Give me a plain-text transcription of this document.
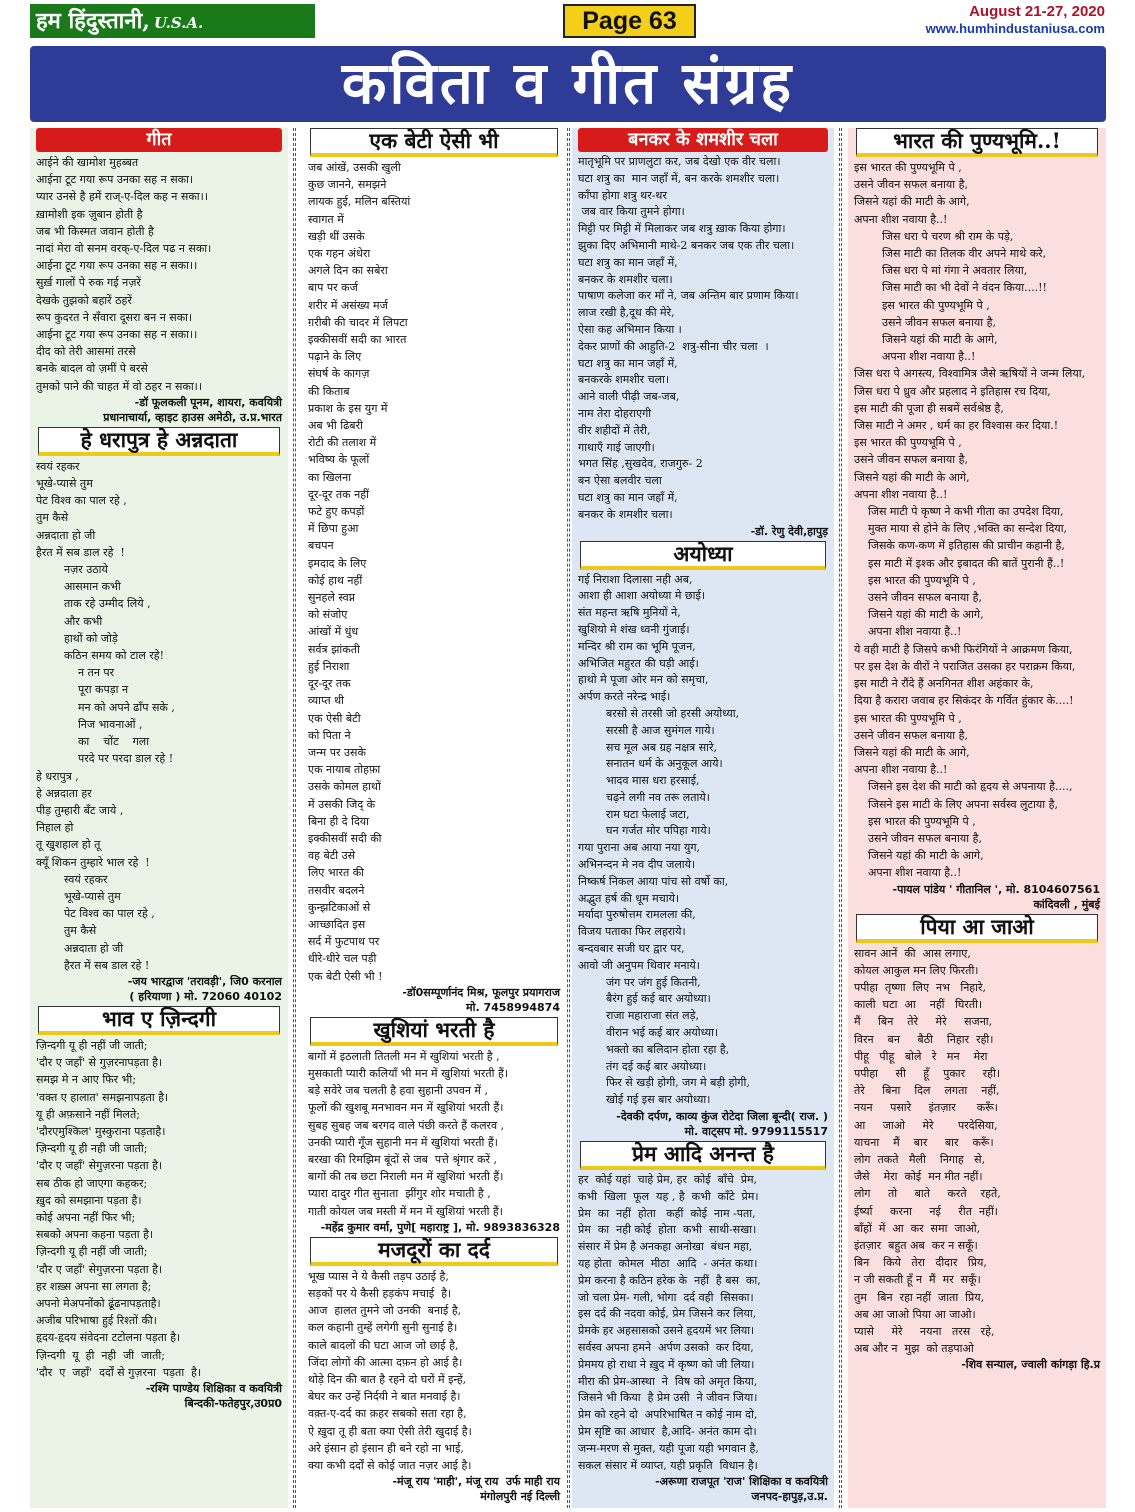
हम हिंदुस्तानी, U.S.A.	Page 63	August 21-27, 2020
www.humhindustaniusa.com
कविता व गीत संग्रह
गीत
आईने की खामोश मुहब्बत
आईना टूट गया रूप उनका सह न सका।
प्यार उनसे है हमें राज्-ए-दिल कह न सका।।
ख़ामोशी इक ज़ुबान होती है
जब भी किस्मत जवान होती है
नादां मेरा वो सनम वरक्-ए-दिल पढ न सका।
आईना टूट गया रूप उनका सह न सका।।
सुर्ख़ गालों पे रुक गई नज़रें
देखके तुझको बहारें ठहरें
रूप कुदरत ने सँवारा दूसरा बन न सका।
आईना टूट गया रूप उनका सह न सका।।
दीद को तेरी आसमां तरसे
बनके बादल वो ज़मीं पे बरसे
तुमको पाने की चाहत में वो ठहर न सका।।
-डॉ फूलकली पूनम, शायरा, कवयित्री
प्रधानाचार्या, व्हाइट हाउस अमेठी, उ.प्र.भारत
हे धरापुत्र हे अन्नदाता
स्वयं रहकर
भूखे-प्यासे तुम
पेट विश्व का पाल रहे ,
तुम कैसे
अन्नदाता हो जी
हैरत में सब डाल रहे  !
नज़र उठाये
आसमान कभी
ताक रहे उम्मीद लिये ,
और कभी
हाथों को जोड़े
कठिन समय को टाल रहे!
न तन पर
पूरा कपड़ा न
मन को अपने ढाँप सके ,
निज भावनाओं ,
का    चोंट    गला
परदे पर परदा डाल रहे !
हे धरापुत्र ,
हे अन्नदाता हर
पीड़ तुम्हारी बँट जाये ,
निहाल हो
तू खुशहाल हो तू
क्यूँ शिकन तुम्हारे भाल रहे  !
स्वयं रहकर
भूखे-प्यासे तुम
पेट विश्व का पाल रहे ,
तुम कैसे
अन्नदाता हो जी
हैरत में सब डाल रहे !
-जय भारद्वाज 'तरावड़ी', जि0 करनाल
( हरियाणा ) मो. 72060 40102
भाव ए ज़िन्दगी
ज़िन्दगी यू ही नहीं जी जाती;
'दौर ए जहाँ' से गुज़रनापड़ता है।
समझ मे न आए फिर भी;
'वक्त ए हालात' समझनापड़ता है।
यू ही अफ़साने नहीं मिलते;
'दौरएमुश्किल' मुस्कुराना पड़ताहै।
ज़िन्दगी यू ही नही जी जाती;
'दौर ए जहाँ' सेगुज़रना पड़ता है।
सब ठीक हो जाएगा कहकर;
ख़ुद को समझाना पड़ता है।
कोई अपना नहीं फिर भी;
सबको अपना कहना पड़ता है।
ज़िन्दगी यू ही नहीं जी जाती;
'दौर ए जहाँ' सेगुज़रना पड़ता है।
हर शख़्स अपना सा लगता है;
अपनो मेअपनोंको ढूंढनापड़ताहै।
अजीब परिभाषा हुई रिश्तों की।
हृदय-हृदय संवेदना टटोलना पड़ता है।
ज़िन्दगी  यू  ही  नही  जी  जाती;
'दौर  ए  जहाँ'  दर्दों से गुज़रना  पड़ता  है।
-रश्मि पाण्डेय शिक्षिका व कवयित्री
बिन्दकी-फतेहपुर,उ0प्र0
एक बेटी ऐसी भी
जब आंखें, उसकी खुली
कुछ जानने, समझने
लायक हुई, मलिन बस्तियां
स्वागत में
खड़ी थीं उसके
एक गहन अंधेरा
अगले दिन का सबेरा
बाप पर कर्ज
शरीर में असंख्य मर्ज
ग़रीबी की चादर में लिपटा
इक्कीसवीं सदी का भारत
पढ़ाने के लिए
संघर्ष के कागज़
की किताब
प्रकाश के इस युग में
अब भी ढिबरी
रोटी की तलाश में
भविष्य के फूलों
का खिलना
दूर-दूर तक नहीं
फटे हुए कपड़ों
में छिपा हुआ
बचपन
इमदाद के लिए
कोई हाथ नहीं
सुनहले स्वप्न
को संजोए
आंखों में धुंध
सर्वत्र झांकती
हुई निराशा
दूर-दूर तक
व्याप्त थी
एक ऐसी बेटी
को पिता ने
जन्म पर उसके
एक नायाब तोहफ़ा
उसके कोमल हाथों
में उसकी जिद् के
बिना ही दे दिया
इक्कीसवीं सदी की
वह बेटी उसे
लिए भारत की
तसवीर बदलने
कुन्झटिकाओं से
आच्छादित इस
सर्द में फुटपाथ पर
धीरे-धीरे चल पड़ी
एक बेटी ऐसी भी !
-डॉ0सम्पूर्णानंद मिश्र, फूलपुर प्रयागराज
मो. 7458994874
खुशियां भरती है
बागों में इठलाती तितली मन में खुशियां भरती है ,
मुसकाती प्यारी कलियाँ भी मन में खुशियां भरती हैं।
बड़े सवेरे जब चलती है हवा सुहानी उपवन में ,
फूलों की खुशबू मनभावन मन में खुशियां भरती हैं।
सुबह सुबह जब बरगद वाले पंछी करते हैं कलरव ,
उनकी प्यारी गूँज सुहानी मन में खुशियां भरती हैं।
बरखा की रिमझिम बूंदों से जब  पत्ते श्रृंगार करें ,
बागों की तब छटा निराली मन में खुशियां भरती हैं।
प्यारा दादुर गीत सुनाता  झींगुर शोर मचाती है ,
गाती कोयल जब मस्ती में मन में खुशियां भरती हैं।
-महेंद्र कुमार वर्मा, पुणे[ महाराष्ट्र ], मो. 9893836328
मजदूरों का दर्द
भूख प्यास ने ये कैसी तड़प उठाई है,
सड़कों पर ये कैसी हड़कंप मचाई  है।
आज  हालत तुमने जो उनकी  बनाई है,
कल कहानी तुम्हें लगेगी सुनी सुनाई है।
काले बादलों की घटा आज जो छाई है,
जिंदा लोगों की आत्मा दफ़न हो आई है।
थोड़े दिन की बात है रहने दो घरों में इन्हें,
बेघर कर उन्हें निर्दयी ने बात मनवाई है।
वक़्त-ए-दर्द का क़हर सबको सता रहा है,
ऐ ख़ुदा तू ही बता क्या ऐसी तेरी खुदाई है।
अरे इंसान हो इंसान ही बने रहो ना भाई,
क्या कभी दर्दों से कोई जात नज़र आई है।
-मंजू राय 'माही', मंजू राय  उर्फ माही राय
मंगोलपुरी नई दिल्ली
बनकर के शमशीर चला
मातृभूमि पर प्राणलुटा कर, जब देखो एक वीर चला।
घटा शत्रु का  मान जहाँ में, बन करके शमशीर चला।
काँपा होगा शत्रु थर-थर
जब वार किया तुमने होगा।
मिट्टी पर मिट्टी में मिलाकर जब शत्रु ख़ाक किया होगा।
झुका दिए अभिमानी माथे-2 बनकर जब एक तीर चला।
घटा शत्रु का मान जहाँ में,
बनकर के शमशीर चला।
पाषाण कलेजा कर माँ ने, जब अन्तिम बार प्रणाम किया।
लाज रखी है,दूध की मेरे,
ऐसा कह अभिमान किया ।
देकर प्राणों की आहुति-2  शत्रु-सीना चीर चला  ।
घटा शत्रु का मान जहाँ में,
बनकरके शमशीर चला।
आने वाली पीढ़ी जब-जब,
नाम तेरा दोहराएगी
वीर शहीदों में तेरी,
गाथाएँ गाई जाएगी।
भगत सिंह ,सुखदेव, राजगुरु- 2
बन ऐसा बलवीर चला
घटा शत्रु का मान जहाँ में,
बनकर के शमशीर चला।
-डॉ. रेणु देवी,हापुड़
अयोध्या
गई निराशा दिलासा नही अब,
आशा ही आशा अयोध्या मे छाई।
संत महन्त ऋषि मुनियों ने,
खुशियो मे शंख ध्वनी गुंजाई।
मन्दिर श्री राम का भूमि पूजन,
अभिजित महुरत की घड़ी आई।
हाथो मे पूजा ओर मन को समृचा,
अर्पण करते नरेन्द्र भाई।
बरसो से तरसी जो हरसी अयोध्या,
सरसी है आज सुमंगल गाये।
सच मूल अब ग्रह नक्षत्र सारे,
सनातन धर्म के अनुकूल आये।
भादव मास धरा हरसाई,
चढ़ने लगी नव तरू लताये।
राम घटा फेलाई जटा,
घन गर्जत मोर पपिहा गाये।
गया पुराना अब आया नया युग,
अभिनन्दन मे नव दीप जलाये।
निष्कर्ष निकल आया पांच सो वर्षो का,
अद्भुत हर्ष की धूम मचाये।
मर्यादा पुरुषोत्तम रामलला की,
विजय पताका फिर लहराये।
बन्दवबार सजी घर द्वार पर,
आवो जी अनुपम थिवार मनाये।
जंग पर जंग हुई कितनी,
बैरंग हुई कई बार अयोध्या।
राजा महाराजा संत लड़े,
वीरान भई कई बार अयोध्या।
भक्तो का बलिदान होता रहा है,
तंग दई कई बार अयोध्या।
फिर से खड़ी होगी, जग मे बड़ी होगी,
खोई गई इस बार अयोध्या।
-देवकी दर्पण, काव्य कुंज रोटेदा जिला बून्दी( राज. )
मो. वाट्सप मो. 9799115517
प्रेम आदि अनन्त है
हर  कोई यहां  चाहे प्रेम, हर  कोई  बाँचे  प्रेम,
कभी  खिला  फूल  यह , है  कभी  काँटे  प्रेम।
प्रेम  का  नहीं  होता   कहीं  कोई  नाम -पता,
प्रेम  का  नही कोई  होता  कभी  साथी-सखा।
संसार में प्रेम है अनकहा अनोखा  बंधन महा,
यह होता  कोमल  मीठा  आदि  - अनंत कथा।
प्रेम करना है कठिन हरेक के  नहीं  है बस  का,
जो चला प्रेम- गली, भोगा  दर्द वही  सिसका।
इस दर्द की नदवा कोई, प्रेम जिसने कर लिया,
प्रेमके हर अहसासको उसने हृदयमें भर लिया।
सर्वस्व अपना हमने  अर्पण उसको  कर दिया,
प्रेममय हो राधा ने ख़ुद में कृष्ण को जी लिया।
मीरा की प्रेम-आस्था  ने  विष को अमृत किया,
जिसने भी किया  है प्रेम उसी  ने जीवन जिया।
प्रेम को रहने दो  अपरिभाषित न कोई नाम दो,
प्रेम सृष्टि का आधार  है,आदि- अनंत काम दो।
जन्म-मरण से मुक्त, यही पूजा यही भगवान है,
सकल संसार में व्याप्त, यही प्रकृति  विधान है।
-अरूणा राजपूत 'राज' शिक्षिका व कवयित्री
जनपद-हापुड़,उ.प्र.
भारत की पुण्यभूमि..!
इस भारत की पुण्यभूमि पे ,
उसने जीवन सफल बनाया है,
जिसने यहां की माटी के आगे,
अपना शीश नवाया है..!
जिस धरा पे चरण श्री राम के पड़े,
जिस माटी का तिलक वीर अपने माथे करे,
जिस धरा पे मां गंगा ने अवतार लिया,
जिस माटी का भी देवों ने वंदन किया....!!
इस भारत की पुण्यभूमि पे ,
उसने जीवन सफल बनाया है,
जिसने यहां की माटी के आगे,
अपना शीश नवाया है..!
जिस धरा पे अगस्त्य, विश्वामित्र जैसे ऋषियों ने जन्म लिया,
जिस धरा पे ध्रुव और प्रहलाद ने इतिहास रच दिया,
इस माटी की पूजा ही सबमें सर्वश्रेष्ठ है,
जिस माटी ने अमर , धर्म का हर विश्वास कर दिया.!
इस भारत की पुण्यभूमि पे ,
उसने जीवन सफल बनाया है,
जिसने यहां की माटी के आगे,
अपना शीश नवाया है..!
जिस माटी पे कृष्ण ने कभी गीता का उपदेश दिया,
मुक्त माया से होने के लिए ,भक्ति का सन्देश दिया,
जिसके कण-कण में इतिहास की प्राचीन कहानी है,
इस माटी में इश्क और इबादत की बातें पुरानी हैं..!
इस भारत की पुण्यभूमि पे ,
उसने जीवन सफल बनाया है,
जिसने यहां की माटी के आगे,
अपना शीश नवाया है..!
ये वही माटी है जिसपे कभी फिरंगियों ने आक्रमण किया,
पर इस देश के वीरों ने पराजित उसका हर पराक्रम किया,
इस माटी ने रौंदे हैं अनगिनत शीश अहंकार के,
दिया है करारा जवाब हर सिकंदर के गर्वित हुंकार के....!
इस भारत की पुण्यभूमि पे ,
उसने जीवन सफल बनाया है,
जिसने यहां की माटी के आगे,
अपना शीश नवाया है..!
जिसने इस देश की माटी को हृदय से अपनाया है....,
जिसने इस माटी के लिए अपना सर्वस्व लुटाया है,
इस भारत की पुण्यभूमि पे ,
उसने जीवन सफल बनाया है,
जिसने यहां की माटी के आगे,
अपना शीश नवाया है..!
-पायल पांडेय ' गीतानिल ', मो. 8104607561
कांदिवली , मुंबई
पिया आ जाओ
सावन आनें  की  आस लगाए,
कोयल आकुल मन लिए फिरती।
पपीहा  तृष्णा  लिए  नभ   निहारे,
काली  घटा  आ    नहीं   घिरती।
मैं     बिन    तेरे     मेरे     सजना,
विरन    बन     बैठी    निहार  रही।
पीहू   पीहू   बोले   रे   मन    मेरा
पपीहा     सी     हूँ    पुकार     रही।
तेरे     बिना    दिल    लगता    नहीं,
नयन     पसारे     इंतज़ार      करूँ।
आ     जाओ     मेरे       परदेसिया,
याचना    मैं    बार     बार    करूँ।
लोग  तकते   मैली    निगाह   से,
जैसे    मेरा  कोई  मन मीत नहीं।
लोग     तो     बाते     करते    रहते,
ईर्ष्या     करना     नई     रीत  नहीं।
बाँहों  में  आ  कर  समा  जाओ,
इंतज़ार  बहुत अब  कर न सकूँ।
बिन    किये   तेरा   दीदार   प्रिय,
न जी सकती हूँ न  मैं  मर  सकूँ।
तुम   बिन  रहा नहीं  जाता  प्रिय,
अब आ जाओ पिया आ जाओ।
प्यासे     मेरे     नयना   तरस   रहे,
अब और न  मुझ  को तड़पाओ
-शिव सन्याल, ज्वाली कांगड़ा हि.प्र
